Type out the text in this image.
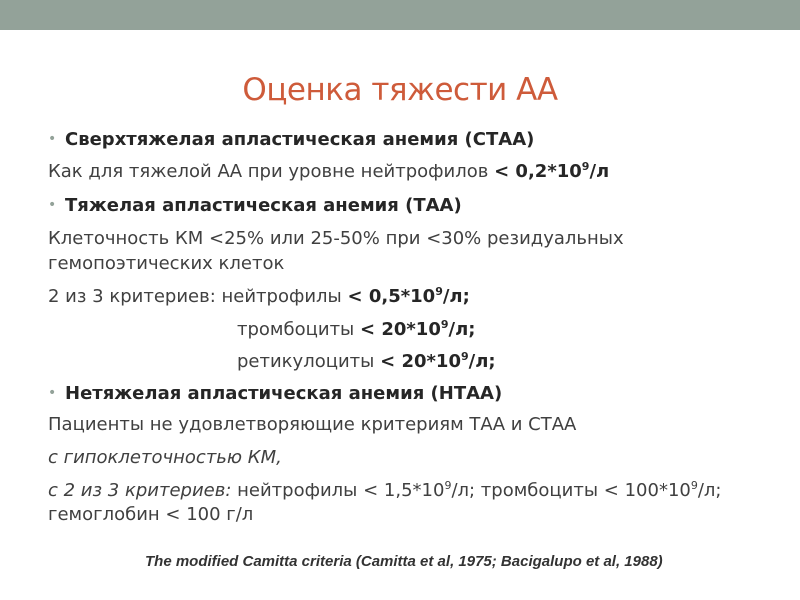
Оценка тяжести АА
• Сверхтяжелая апластическая анемия (СТАА)
Как для тяжелой АА при уровне нейтрофилов < $0,2*10^9/л$
• Тяжелая апластическая анемия (ТАА)
Клеточность КМ <25% или 25-50% при <30% резидуальных
гемопоэтических клеток
2 из 3 критериев: нейтрофилы < $0,5*10^9/л$;
тромбоциты < $20*10^9/л$;
ретикулоциты < $20*10^9/л$;
• Нетяжелая апластическая анемия (НТАА)
Пациенты не удовлетворяющие критериям ТАА и СТАА
с гипоклеточностью КМ,
с 2 из 3 критериев: нейтрофилы < $1,5*10^9/л$; тромбоциты < $100*10^9/л$;
гемоглобин < 100 г/л
The modified Camitta criteria (Camitta et al, 1975; Bacigalupo et al, 1988)
